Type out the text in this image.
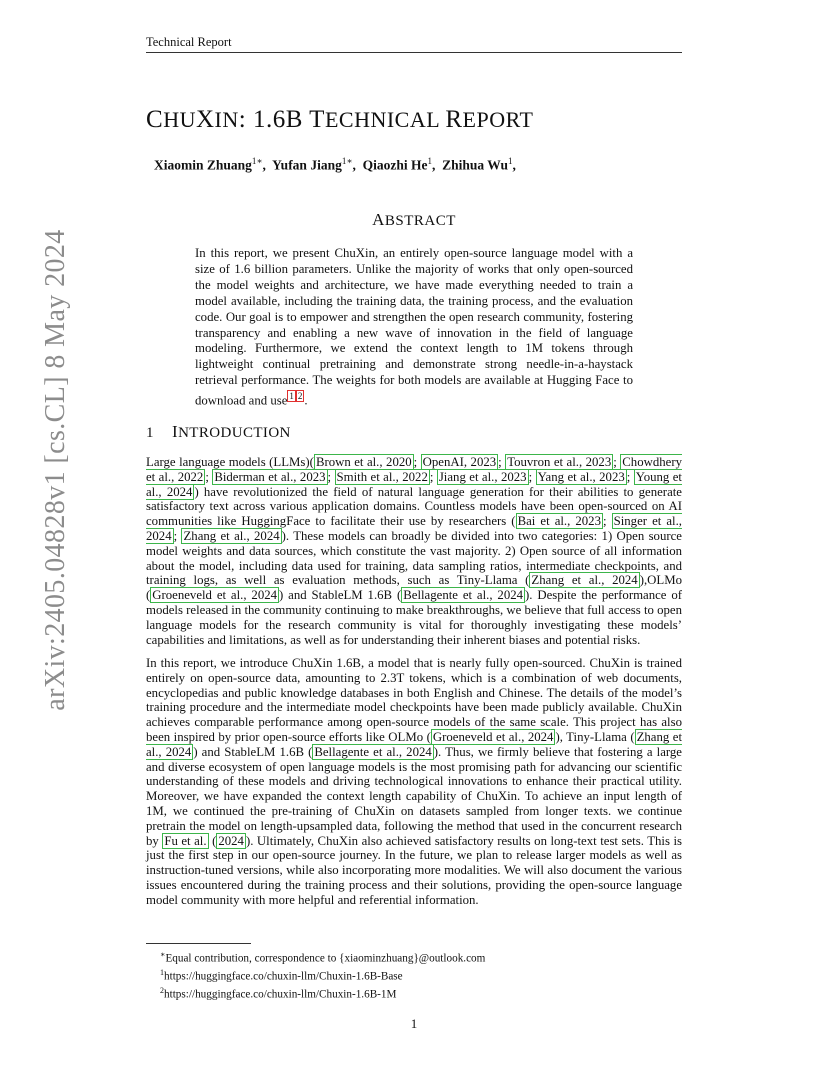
Technical Report
arXiv:2405.04828v1 [cs.CL] 8 May 2024
CHUXIN: 1.6B TECHNICAL REPORT
Xiaomin Zhuang$^{1∗}$,  Yufan Jiang$^{1∗}$,  Qiaozhi He$^1$,  Zhihua Wu$^1$,
ABSTRACT
In this report, we present ChuXin, an entirely open-source language model with a size of 1.6 billion parameters. Unlike the majority of works that only open-sourced the model weights and architecture, we have made everything needed to train a model available, including the training data, the training process, and the evaluation code. Our goal is to empower and strengthen the open research community, fostering transparency and enabling a new wave of innovation in the field of language modeling. Furthermore, we extend the context length to 1M tokens through lightweight continual pretraining and demonstrate strong needle-in-a-haystack retrieval performance. The weights for both models are available at Hugging Face to download and use $^1$ $^2$ .
1 INTRODUCTION
Large language models (LLMs)( Brown et al., 2020 ; OpenAI, 2023 ; Touvron et al., 2023 ; Chowdhery et al., 2022 ; Biderman et al., 2023 ; Smith et al., 2022 ; Jiang et al., 2023 ; Yang et al., 2023 ; Young et al., 2024 ) have revolutionized the field of natural language generation for their abilities to generate satisfactory text across various application domains. Countless models have been open-sourced on AI communities like HuggingFace to facilitate their use by researchers ( Bai et al., 2023 ; Singer et al., 2024 ; Zhang et al., 2024 ). These models can broadly be divided into two categories: 1) Open source model weights and data sources, which constitute the vast majority. 2) Open source of all information about the model, including data used for training, data sampling ratios, intermediate checkpoints, and training logs, as well as evaluation methods, such as Tiny-Llama ( Zhang et al., 2024 ),OLMo ( Groeneveld et al., 2024 ) and StableLM 1.6B ( Bellagente et al., 2024 ). Despite the performance of models released in the community continuing to make breakthroughs, we believe that full access to open language models for the research community is vital for thoroughly investigating these models’ capabilities and limitations, as well as for understanding their inherent biases and potential risks.
In this report, we introduce ChuXin 1.6B, a model that is nearly fully open-sourced. ChuXin is trained entirely on open-source data, amounting to 2.3T tokens, which is a combination of web documents, encyclopedias and public knowledge databases in both English and Chinese. The details of the model’s training procedure and the intermediate model checkpoints have been made publicly available. ChuXin achieves comparable performance among open-source models of the same scale. This project has also been inspired by prior open-source efforts like OLMo ( Groeneveld et al., 2024 ), Tiny-Llama ( Zhang et al., 2024 ) and StableLM 1.6B ( Bellagente et al., 2024 ). Thus, we firmly believe that fostering a large and diverse ecosystem of open language models is the most promising path for advancing our scientific understanding of these models and driving technological innovations to enhance their practical utility. Moreover, we have expanded the context length capability of ChuXin. To achieve an input length of 1M, we continued the pre-training of ChuXin on datasets sampled from longer texts. we continue pretrain the model on length-upsampled data, following the method that used in the concurrent research by Fu et al. ( 2024 ). Ultimately, ChuXin also achieved satisfactory results on long-text test sets. This is just the first step in our open-source journey. In the future, we plan to release larger models as well as instruction-tuned versions, while also incorporating more modalities. We will also document the various issues encountered during the training process and their solutions, providing the open-source language model community with more helpful and referential information.
∗Equal contribution, correspondence to {xiaominzhuang}@outlook.com
$^1$https://huggingface.co/chuxin-llm/Chuxin-1.6B-Base
$^2$https://huggingface.co/chuxin-llm/Chuxin-1.6B-1M
1
